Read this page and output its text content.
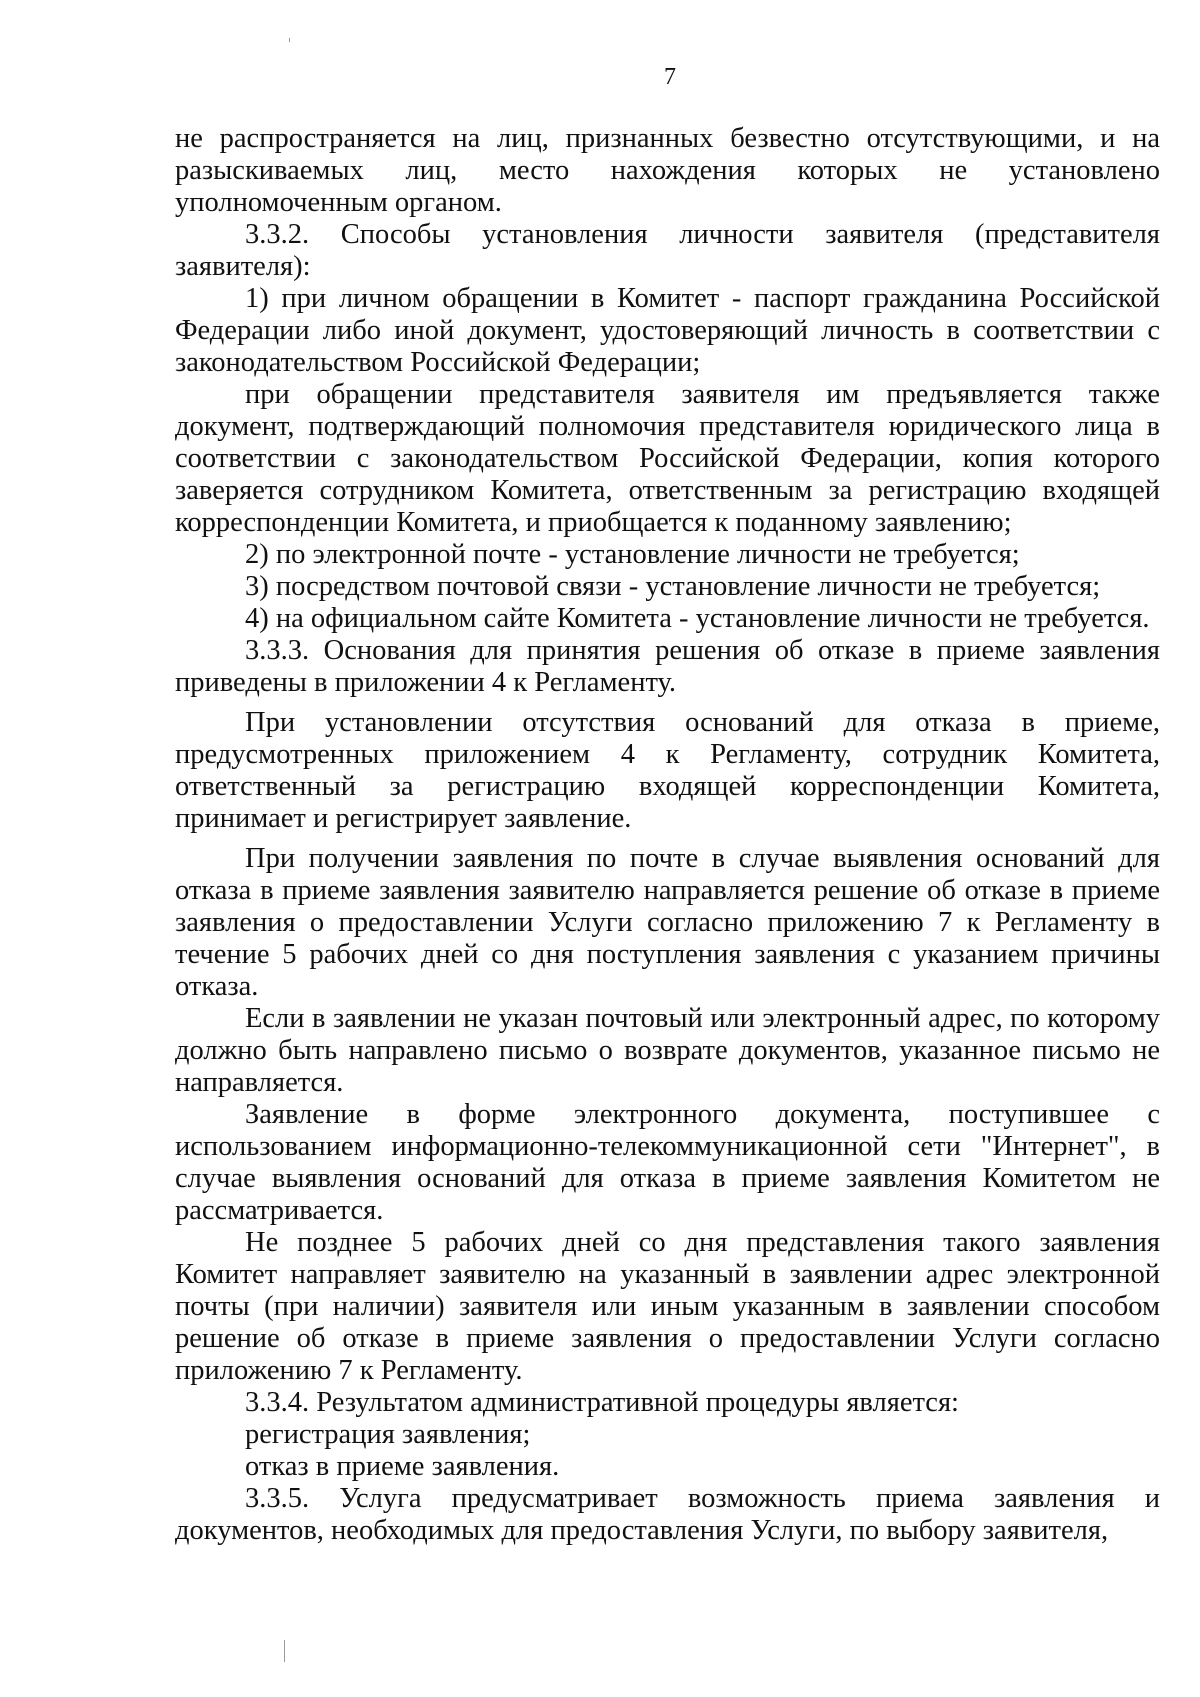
7

не распространяется на лиц, признанных безвестно отсутствующими, и на разыскиваемых лиц, место нахождения которых не установлено уполномоченным органом.

3.3.2. Способы установления личности заявителя (представителя заявителя):

1) при личном обращении в Комитет - паспорт гражданина Российской Федерации либо иной документ, удостоверяющий личность в соответствии с законодательством Российской Федерации;

при обращении представителя заявителя им предъявляется также документ, подтверждающий полномочия представителя юридического лица в соответствии с законодательством Российской Федерации, копия которого заверяется сотрудником Комитета, ответственным за регистрацию входящей корреспонденции Комитета, и приобщается к поданному заявлению;

2) по электронной почте - установление личности не требуется;

3) посредством почтовой связи - установление личности не требуется;

4) на официальном сайте Комитета - установление личности не требуется.

3.3.3. Основания для принятия решения об отказе в приеме заявления приведены в приложении 4 к Регламенту.

При установлении отсутствия оснований для отказа в приеме, предусмотренных приложением 4 к Регламенту, сотрудник Комитета, ответственный за регистрацию входящей корреспонденции Комитета, принимает и регистрирует заявление.

При получении заявления по почте в случае выявления оснований для отказа в приеме заявления заявителю направляется решение об отказе в приеме заявления о предоставлении Услуги согласно приложению 7 к Регламенту в течение 5 рабочих дней со дня поступления заявления с указанием причины отказа.

Если в заявлении не указан почтовый или электронный адрес, по которому должно быть направлено письмо о возврате документов, указанное письмо не направляется.

Заявление в форме электронного документа, поступившее с использованием информационно-телекоммуникационной сети "Интернет", в случае выявления оснований для отказа в приеме заявления Комитетом не рассматривается.

Не позднее 5 рабочих дней со дня представления такого заявления Комитет направляет заявителю на указанный в заявлении адрес электронной почты (при наличии) заявителя или иным указанным в заявлении способом решение об отказе в приеме заявления о предоставлении Услуги согласно приложению 7 к Регламенту.

3.3.4. Результатом административной процедуры является:

регистрация заявления;

отказ в приеме заявления.

3.3.5. Услуга предусматривает возможность приема заявления и документов, необходимых для предоставления Услуги, по выбору заявителя,
